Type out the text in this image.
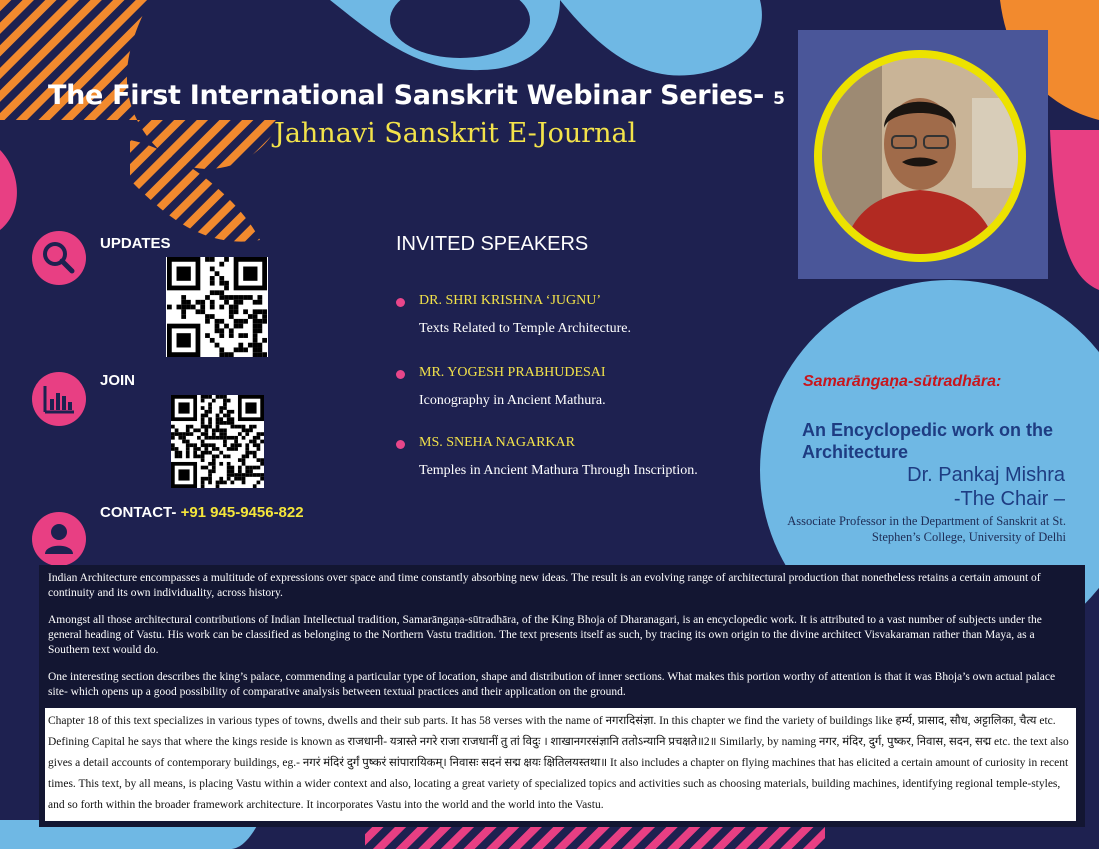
The First International Sanskrit Webinar Series- 5
Jahnavi Sanskrit E-Journal
UPDATES
JOIN
CONTACT- +91 945-9456-822
INVITED SPEAKERS
DR. SHRI KRISHNA ‘JUGNU’
Texts Related to Temple Architecture.
MR. YOGESH PRABHUDESAI
Iconography in Ancient Mathura.
MS. SNEHA NAGARKAR
Temples in Ancient Mathura Through Inscription.
Samarāngaṇa-sūtradhāra:
An Encyclopedic work on the Architecture
Dr. Pankaj Mishra
-The Chair –
Associate Professor in the Department of Sanskrit at St. Stephen’s College, University of Delhi

Indian Architecture encompasses a multitude of expressions over space and time constantly absorbing new ideas. The result is an evolving range of architectural production that nonetheless retains a certain amount of continuity and its own individuality, across history.

Amongst all those architectural contributions of Indian Intellectual tradition, Samarāngaṇa-sūtradhāra, of the King Bhoja of Dharanagari, is an encyclopedic work. It is attributed to a vast number of subjects under the general heading of Vastu. His work can be classified as belonging to the Northern Vastu tradition. The text presents itself as such, by tracing its own origin to the divine architect Visvakaraman rather than Maya, as a Southern text would do.

One interesting section describes the king’s palace, commending a particular type of location, shape and distribution of inner sections. What makes this portion worthy of attention is that it was Bhoja’s own actual palace site- which opens up a good possibility of comparative analysis between textual practices and their application on the ground.

Chapter 18 of this text specializes in various types of towns, dwells and their sub parts. It has 58 verses with the name of नगरादिसंज्ञा. In this chapter we find the variety of buildings like हर्म्य, प्रासाद, सौध, अट्टालिका, चैत्य etc. Defining Capital he says that where the kings reside is known as राजधानी- यत्रास्ते नगरे राजा राजधानीं तु तां विदुः । शाखानगरसंज्ञानि ततोऽन्यानि प्रचक्षते॥2॥ Similarly, by naming नगर, मंदिर, दुर्ग, पुष्कर, निवास, सदन, सद्म etc. the text also gives a detail accounts of contemporary buildings, eg.- नगरं मंदिरं दुर्गं पुष्करं सांपारायिकम्। निवासः सदनं सद्म क्षयः क्षितिलयस्तथा॥ It also includes a chapter on flying machines that has elicited a certain amount of curiosity in recent times. This text, by all means, is placing Vastu within a wider context and also, locating a great variety of specialized topics and activities such as choosing materials, building machines, identifying regional temple-styles, and so forth within the broader framework architecture. It incorporates Vastu into the world and the world into the Vastu.
